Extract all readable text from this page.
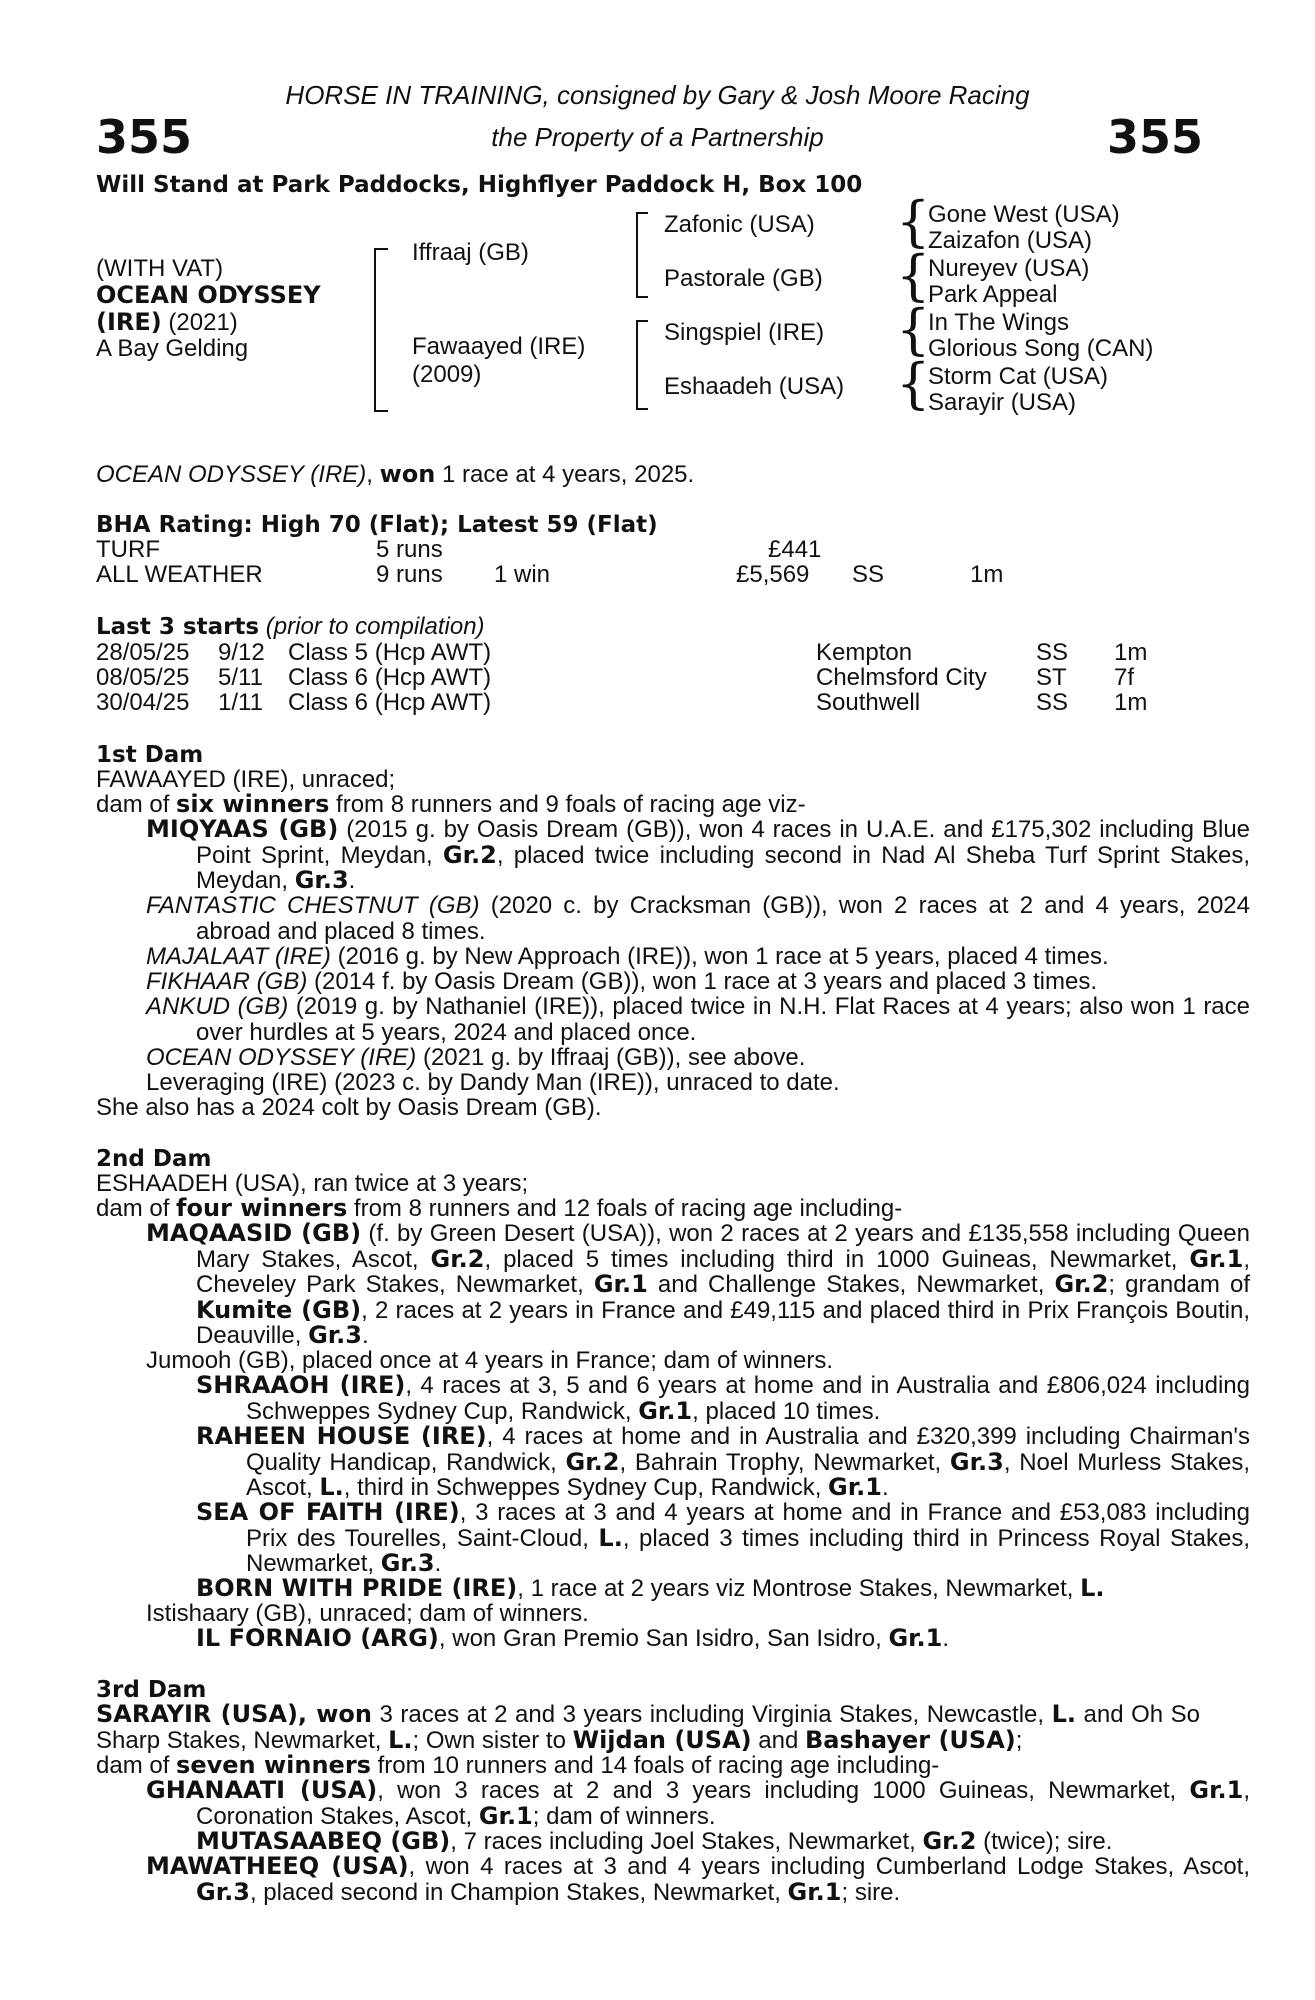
355	355
HORSE IN TRAINING, consigned by Gary & Josh Moore Racing
the Property of a Partnership
Will Stand at Park Paddocks, Highflyer Paddock H, Box 100
(WITH VAT)
OCEAN ODYSSEY
(IRE) (2021)
A Bay Gelding
Iffraaj (GB)
Fawaayed (IRE)
(2009)
Zafonic (USA)
Pastorale (GB)
Singspiel (IRE)
Eshaadeh (USA)
{
{
{
{
Gone West (USA)
Zaizafon (USA)
Nureyev (USA)
Park Appeal
In The Wings
Glorious Song (CAN)
Storm Cat (USA)
Sarayir (USA)
OCEAN ODYSSEY (IRE), won 1 race at 4 years, 2025.
BHA Rating: High 70 (Flat); Latest 59 (Flat)
TURF	5 runs	£441
ALL WEATHER	9 runs 1 win	£5,569 SS	1m
Last 3 starts (prior to compilation)
28/05/25 9/12 Class 5 (Hcp AWT)	Kempton	SS 1m
08/05/25 5/11 Class 6 (Hcp AWT)	Chelmsford City ST 7f
30/04/25 1/11 Class 6 (Hcp AWT)	Southwell	SS 1m
1st Dam
FAWAAYED (IRE), unraced;
dam of six winners from 8 runners and 9 foals of racing age viz-
MIQYAAS (GB) (2015 g. by Oasis Dream (GB)), won 4 races in U.A.E. and £175,302 including Blue Point Sprint, Meydan, Gr.2, placed twice including second in Nad Al Sheba Turf Sprint Stakes, Meydan, Gr.3.
FANTASTIC CHESTNUT (GB) (2020 c. by Cracksman (GB)), won 2 races at 2 and 4 years, 2024 abroad and placed 8 times.
MAJALAAT (IRE) (2016 g. by New Approach (IRE)), won 1 race at 5 years, placed 4 times.
FIKHAAR (GB) (2014 f. by Oasis Dream (GB)), won 1 race at 3 years and placed 3 times.
ANKUD (GB) (2019 g. by Nathaniel (IRE)), placed twice in N.H. Flat Races at 4 years; also won 1 race over hurdles at 5 years, 2024 and placed once.
OCEAN ODYSSEY (IRE) (2021 g. by Iffraaj (GB)), see above.
Leveraging (IRE) (2023 c. by Dandy Man (IRE)), unraced to date.
She also has a 2024 colt by Oasis Dream (GB).
2nd Dam
ESHAADEH (USA), ran twice at 3 years;
dam of four winners from 8 runners and 12 foals of racing age including-
MAQAASID (GB) (f. by Green Desert (USA)), won 2 races at 2 years and £135,558 including Queen Mary Stakes, Ascot, Gr.2, placed 5 times including third in 1000 Guineas, Newmarket, Gr.1, Cheveley Park Stakes, Newmarket, Gr.1 and Challenge Stakes, Newmarket, Gr.2; grandam of Kumite (GB), 2 races at 2 years in France and £49,115 and placed third in Prix François Boutin, Deauville, Gr.3.
Jumooh (GB), placed once at 4 years in France; dam of winners.
SHRAAOH (IRE), 4 races at 3, 5 and 6 years at home and in Australia and £806,024 including Schweppes Sydney Cup, Randwick, Gr.1, placed 10 times.
RAHEEN HOUSE (IRE), 4 races at home and in Australia and £320,399 including Chairman's Quality Handicap, Randwick, Gr.2, Bahrain Trophy, Newmarket, Gr.3, Noel Murless Stakes, Ascot, L., third in Schweppes Sydney Cup, Randwick, Gr.1.
SEA OF FAITH (IRE), 3 races at 3 and 4 years at home and in France and £53,083 including Prix des Tourelles, Saint-Cloud, L., placed 3 times including third in Princess Royal Stakes, Newmarket, Gr.3.
BORN WITH PRIDE (IRE), 1 race at 2 years viz Montrose Stakes, Newmarket, L.
Istishaary (GB), unraced; dam of winners.
IL FORNAIO (ARG), won Gran Premio San Isidro, San Isidro, Gr.1.
3rd Dam
SARAYIR (USA), won 3 races at 2 and 3 years including Virginia Stakes, Newcastle, L. and Oh So Sharp Stakes, Newmarket, L.; Own sister to Wijdan (USA) and Bashayer (USA);
dam of seven winners from 10 runners and 14 foals of racing age including-
GHANAATI (USA), won 3 races at 2 and 3 years including 1000 Guineas, Newmarket, Gr.1, Coronation Stakes, Ascot, Gr.1; dam of winners.
MUTASAABEQ (GB), 7 races including Joel Stakes, Newmarket, Gr.2 (twice); sire.
MAWATHEEQ (USA), won 4 races at 3 and 4 years including Cumberland Lodge Stakes, Ascot, Gr.3, placed second in Champion Stakes, Newmarket, Gr.1; sire.
